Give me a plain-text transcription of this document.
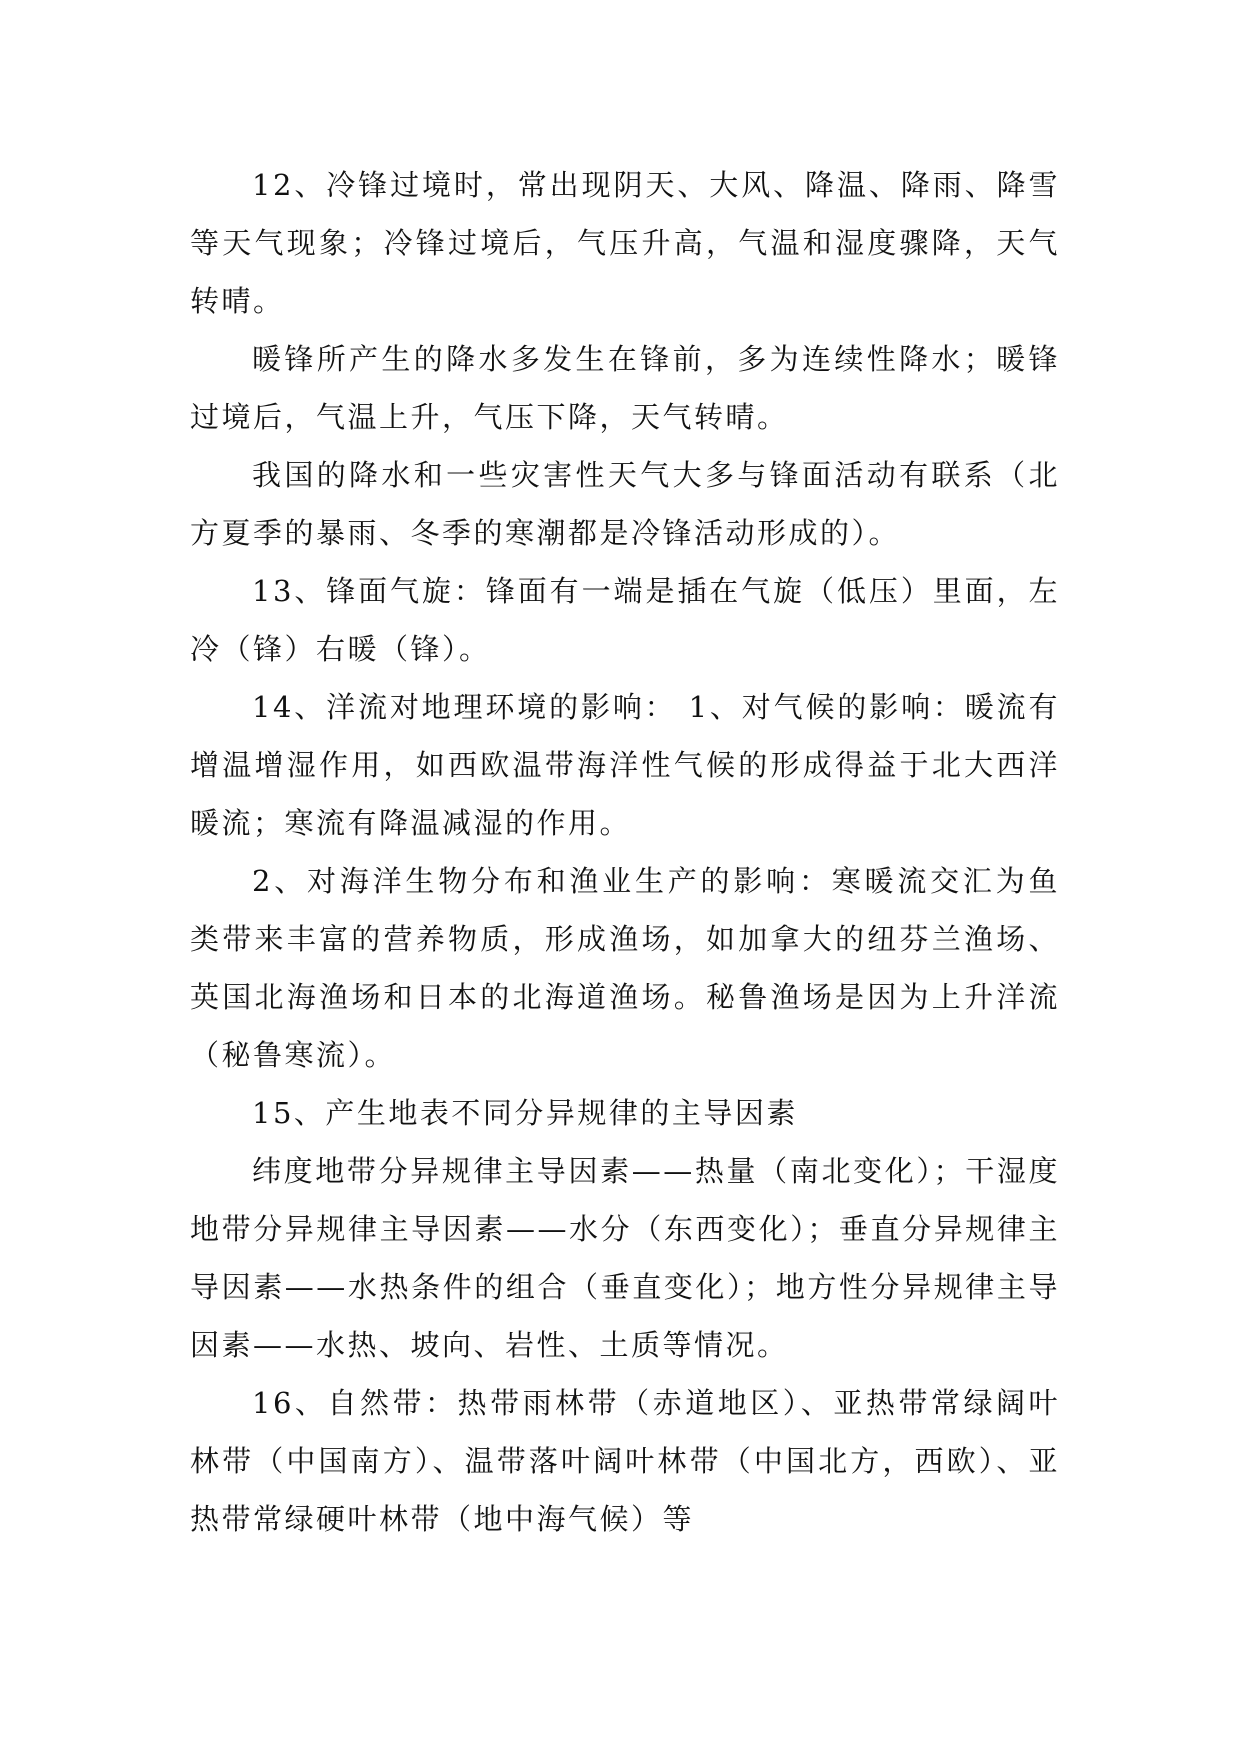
12、冷锋过境时，常出现阴天、大风、降温、降雨、降雪等天气现象；冷锋过境后，气压升高，气温和湿度骤降，天气转晴。

暖锋所产生的降水多发生在锋前，多为连续性降水；暖锋过境后，气温上升，气压下降，天气转晴。

我国的降水和一些灾害性天气大多与锋面活动有联系（北方夏季的暴雨、冬季的寒潮都是冷锋活动形成的）。

13、锋面气旋：锋面有一端是插在气旋（低压）里面，左冷（锋）右暖（锋）。

14、洋流对地理环境的影响： 1、对气候的影响：暖流有增温增湿作用，如西欧温带海洋性气候的形成得益于北大西洋暖流；寒流有降温减湿的作用。

2、对海洋生物分布和渔业生产的影响：寒暖流交汇为鱼类带来丰富的营养物质，形成渔场，如加拿大的纽芬兰渔场、英国北海渔场和日本的北海道渔场。秘鲁渔场是因为上升洋流（秘鲁寒流）。

15、产生地表不同分异规律的主导因素

纬度地带分异规律主导因素——热量（南北变化）；干湿度地带分异规律主导因素——水分（东西变化）；垂直分异规律主导因素——水热条件的组合（垂直变化）；地方性分异规律主导因素——水热、坡向、岩性、土质等情况。

16、自然带：热带雨林带（赤道地区）、亚热带常绿阔叶林带（中国南方）、温带落叶阔叶林带（中国北方，西欧）、亚热带常绿硬叶林带（地中海气候）等
